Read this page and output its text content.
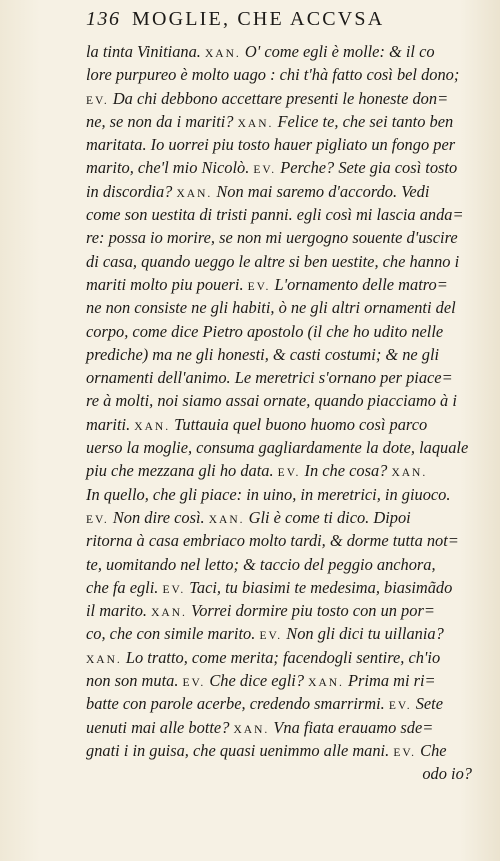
136 MOGLIE, CHE ACCVSA
la tinta Vinitiana. XAN. O' come egli è molle: & il co
lore purpureo è molto uago : chi t'hà fatto così bel dono;
EV. Da chi debbono accettare presenti le honeste don=
ne, se non da i mariti? XAN. Felice te, che sei tanto ben
maritata. Io uorrei piu tosto hauer pigliato un fongo per
marito, che'l mio Nicolò. EV. Perche? Sete gia così tosto
in discordia? XAN. Non mai saremo d'accordo. Vedi
come son uestita di tristi panni. egli così mi lascia anda=
re: possa io morire, se non mi uergogno souente d'uscire
di casa, quando ueggo le altre si ben uestite, che hanno i
mariti molto piu poueri. EV. L'ornamento delle matro=
ne non consiste ne gli habiti, ò ne gli altri ornamenti del
corpo, come dice Pietro apostolo (il che ho udito nelle
prediche) ma ne gli honesti, & casti costumi; & ne gli
ornamenti dell'animo. Le meretrici s'ornano per piace=
re à molti, noi siamo assai ornate, quando piacciamo à i
mariti. XAN. Tuttauia quel buono huomo così parco
uerso la moglie, consuma gagliardamente la dote, laquale
piu che mezzana gli ho data. EV. In che cosa? XAN.
In quello, che gli piace: in uino, in meretrici, in giuoco.
EV. Non dire così. XAN. Gli è come ti dico. Dipoi
ritorna à casa embriaco molto tardi, & dorme tutta not=
te, uomitando nel letto; & taccio del peggio anchora,
che fa egli. EV. Taci, tu biasimi te medesima, biasimãdo
il marito. XAN. Vorrei dormire piu tosto con un por=
co, che con simile marito. EV. Non gli dici tu uillania?
XAN. Lo tratto, come merita; facendogli sentire, ch'io
non son muta. EV. Che dice egli? XAN. Prima mi ri=
batte con parole acerbe, credendo smarrirmi. EV. Sete
uenuti mai alle botte? XAN. Vna fiata erauamo sde=
gnati i in guisa, che quasi uenimmo alle mani. EV. Che
odo io?
